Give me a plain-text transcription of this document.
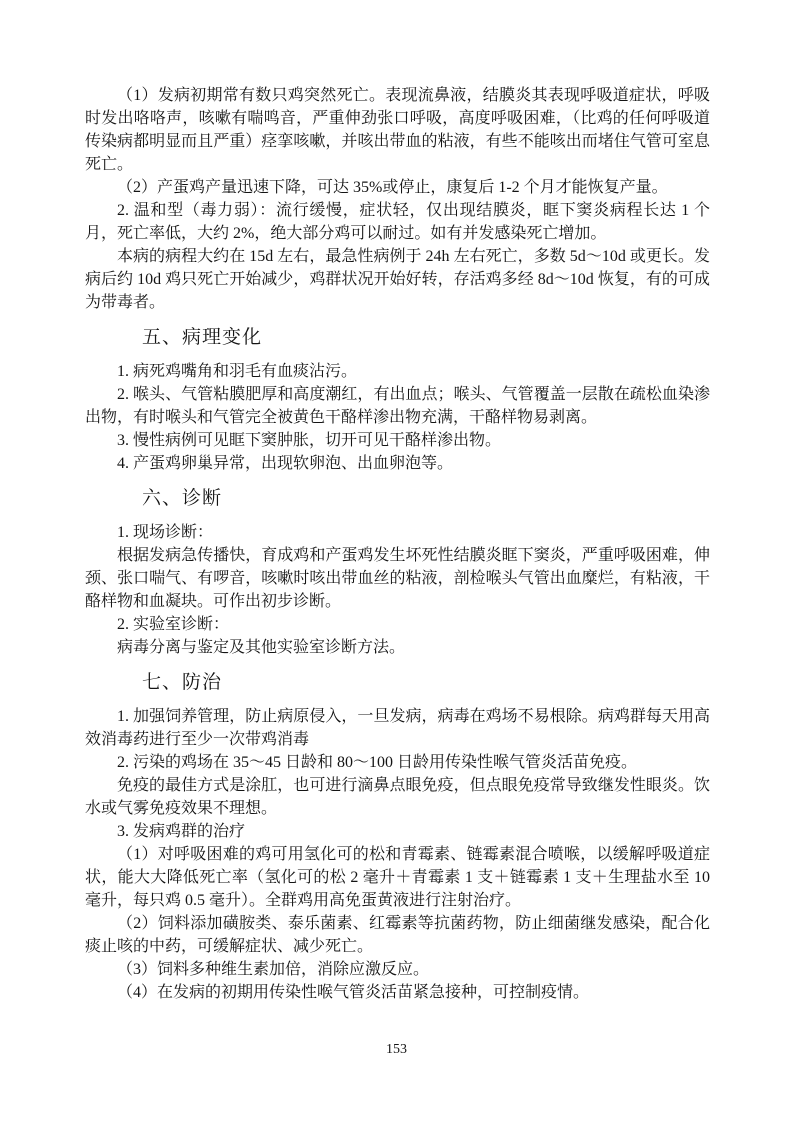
（1）发病初期常有数只鸡突然死亡。表现流鼻液，结膜炎其表现呼吸道症状，呼吸时发出咯咯声，咳嗽有喘鸣音，严重伸劲张口呼吸，高度呼吸困难，（比鸡的任何呼吸道传染病都明显而且严重）痉挛咳嗽，并咳出带血的粘液，有些不能咳出而堵住气管可室息死亡。

（2）产蛋鸡产量迅速下降，可达 35%或停止，康复后 1-2 个月才能恢复产量。

2. 温和型（毒力弱）：流行缓慢，症状轻，仅出现结膜炎，眶下窦炎病程长达 1 个月，死亡率低，大约 2%，绝大部分鸡可以耐过。如有并发感染死亡增加。

本病的病程大约在 15d 左右，最急性病例于 24h 左右死亡，多数 5d～10d 或更长。发病后约 10d 鸡只死亡开始减少，鸡群状况开始好转，存活鸡多经 8d～10d 恢复，有的可成为带毒者。

五、病理变化

1. 病死鸡嘴角和羽毛有血痰沾污。

2. 喉头、气管粘膜肥厚和高度潮红，有出血点；喉头、气管覆盖一层散在疏松血染渗出物，有时喉头和气管完全被黄色干酪样渗出物充满，干酪样物易剥离。

3. 慢性病例可见眶下窦肿胀，切开可见干酪样渗出物。

4. 产蛋鸡卵巢异常，出现软卵泡、出血卵泡等。

六、诊断

1. 现场诊断：

根据发病急传播快，育成鸡和产蛋鸡发生坏死性结膜炎眶下窦炎，严重呼吸困难，伸颈、张口喘气、有啰音，咳嗽时咳出带血丝的粘液，剖检喉头气管出血糜烂，有粘液，干酪样物和血凝块。可作出初步诊断。

2. 实验室诊断：

病毒分离与鉴定及其他实验室诊断方法。

七、防治

1. 加强饲养管理，防止病原侵入，一旦发病，病毒在鸡场不易根除。病鸡群每天用高效消毒药进行至少一次带鸡消毒

2. 污染的鸡场在 35～45 日龄和 80～100 日龄用传染性喉气管炎活苗免疫。

免疫的最佳方式是涂肛，也可进行滴鼻点眼免疫，但点眼免疫常导致继发性眼炎。饮水或气雾免疫效果不理想。

3. 发病鸡群的治疗

（1）对呼吸困难的鸡可用氢化可的松和青霉素、链霉素混合喷喉，以缓解呼吸道症状，能大大降低死亡率（氢化可的松 2 毫升＋青霉素 1 支＋链霉素 1 支＋生理盐水至 10 毫升，每只鸡 0.5 毫升）。全群鸡用高免蛋黄液进行注射治疗。

（2）饲料添加磺胺类、泰乐菌素、红霉素等抗菌药物，防止细菌继发感染，配合化痰止咳的中药，可缓解症状、减少死亡。

（3）饲料多种维生素加倍，消除应激反应。

（4）在发病的初期用传染性喉气管炎活苗紧急接种，可控制疫情。

153
